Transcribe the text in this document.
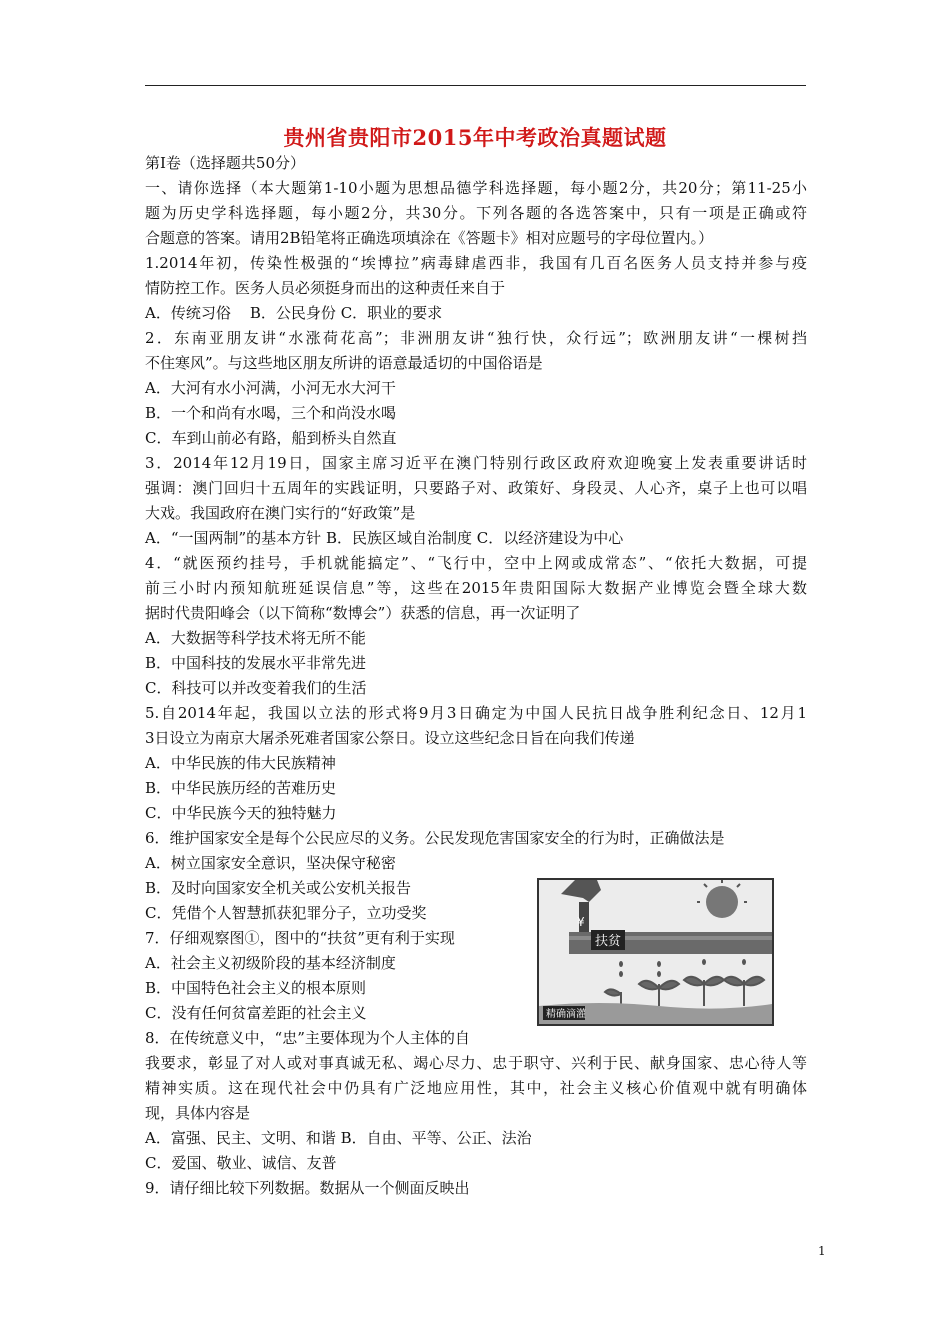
贵州省贵阳市2015年中考政治真题试题
第I卷（选择题共50分）
一、请你选择（本大题第1-10小题为思想品德学科选择题，每小题2分，共20分；第11-25小
题为历史学科选择题，每小题2分，共30分。下列各题的各选答案中，只有一项是正确或符
合题意的答案。请用2B铅笔将正确选项填涂在《答题卡》相对应题号的字母位置内。）
1.2014年初，传染性极强的“埃博拉”病毒肆虐西非，我国有几百名医务人员支持并参与疫
情防控工作。医务人员必须挺身而出的这种责任来自于
A．传统习俗    B．公民身份 C．职业的要求
2．东南亚朋友讲“水涨荷花高”；非洲朋友讲“独行快，众行远”；欧洲朋友讲“一棵树挡
不住寒风”。与这些地区朋友所讲的语意最适切的中国俗语是
A．大河有水小河满，小河无水大河干
B．一个和尚有水喝，三个和尚没水喝
C．车到山前必有路，船到桥头自然直
3．2014年12月19日，国家主席习近平在澳门特别行政区政府欢迎晚宴上发表重要讲话时
强调：澳门回归十五周年的实践证明，只要路子对、政策好、身段灵、人心齐，桌子上也可以唱
大戏。我国政府在澳门实行的“好政策”是
A．“一国两制”的基本方针 B．民族区域自治制度 C．以经济建设为中心
4．“就医预约挂号，手机就能搞定”、“飞行中，空中上网或成常态”、“依托大数据，可提
前三小时内预知航班延误信息”等，这些在2015年贵阳国际大数据产业博览会暨全球大数
据时代贵阳峰会（以下简称“数博会”）获悉的信息，再一次证明了
A．大数据等科学技术将无所不能
B．中国科技的发展水平非常先进
C．科技可以并改变着我们的生活
5.自2014年起，我国以立法的形式将9月3日确定为中国人民抗日战争胜利纪念日、12月1
3日设立为南京大屠杀死难者国家公祭日。设立这些纪念日旨在向我们传递
A．中华民族的伟大民族精神
B．中华民族历经的苦难历史
C．中华民族今天的独特魅力
6．维护国家安全是每个公民应尽的义务。公民发现危害国家安全的行为时，正确做法是
A．树立国家安全意识，坚决保守秘密
B．及时向国家安全机关或公安机关报告
C．凭借个人智慧抓获犯罪分子，立功受奖
7．仔细观察图①，图中的“扶贫”更有利于实现
A．社会主义初级阶段的基本经济制度
B．中国特色社会主义的根本原则
C．没有任何贫富差距的社会主义
8．在传统意义中，“忠”主要体现为个人主体的自
我要求，彰显了对人或对事真诚无私、竭心尽力、忠于职守、兴利于民、献身国家、忠心待人等
精神实质。这在现代社会中仍具有广泛地应用性，其中，社会主义核心价值观中就有明确体
现，具体内容是
A．富强、民主、文明、和谐 B．自由、平等、公正、法治
C．爱国、敬业、诚信、友普
9．请仔细比较下列数据。数据从一个侧面反映出
¥
扶贫
精确滴灌
1
